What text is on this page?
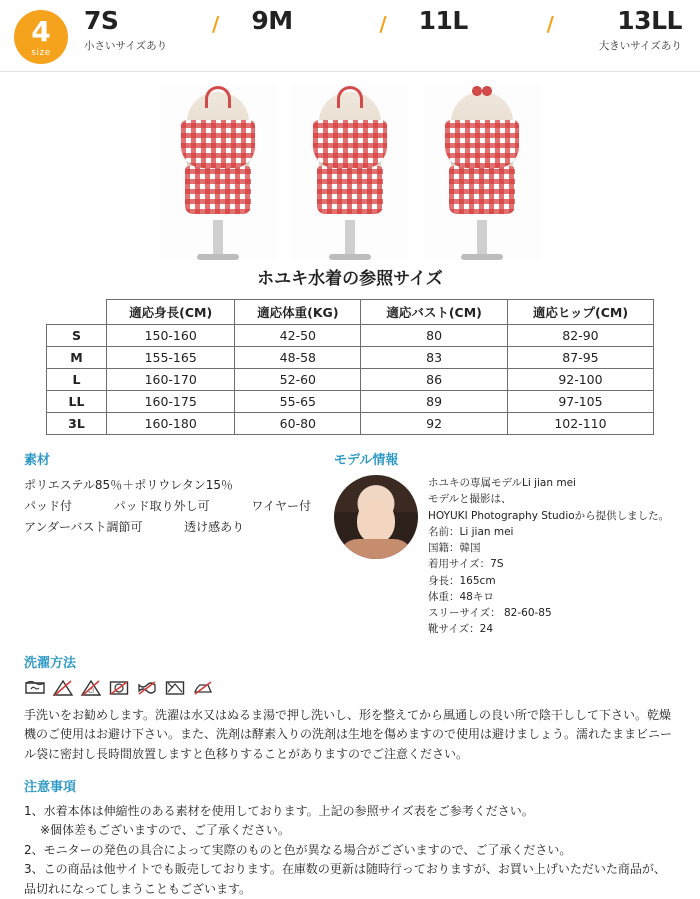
4
size
7S
小さいサイズあり
/ 9M	/ 11L	/	13LL
大きいサイズあり
ホユキ水着の参照サイズ
	適応身長(CM)	適応体重(KG)	適応バスト(CM)	適応ヒップ(CM)
S	150-160	42-50	80	82-90
M	155-165	48-58	83	87-95
L	160-170	52-60	86	92-100
LL	160-175	55-65	89	97-105
3L	160-180	60-80	92	102-110
素材
ポリエステル85％＋ポリウレタン15％
パッド付	パッド取り外し可	ワイヤー付
アンダーバスト調節可	透け感あり
モデル情報
ホユキの専属モデルLi jian mei
モデルと撮影は、
HOYUKI Photography Studioから提供しました。
名前：Li jian mei
国籍：韓国
着用サイズ：7S
身長：165cm
体重：48キロ
スリーサイズ： 82-60-85
靴サイズ：24
洗濯方法
Cl
手洗いをお勧めします。洗濯は水又はぬるま湯で押し洗いし、形を整えてから風通しの良い所で陰干しして下さい。乾燥機のご使用はお避け下さい。また、洗剤は酵素入りの洗剤は生地を傷めますので使用は避けましょう。濡れたままビニール袋に密封し長時間放置しますと色移りすることがありますのでご注意ください。
注意事項
1、水着本体は伸縮性のある素材を使用しております。上記の参照サイズ表をご参考ください。
※個体差もございますので、ご了承ください。
2、モニターの発色の具合によって実際のものと色が異なる場合がございますので、ご了承ください。
3、この商品は他サイトでも販売しております。在庫数の更新は随時行っておりますが、お買い上げいただいた商品が、品切れになってしまうこともございます。
